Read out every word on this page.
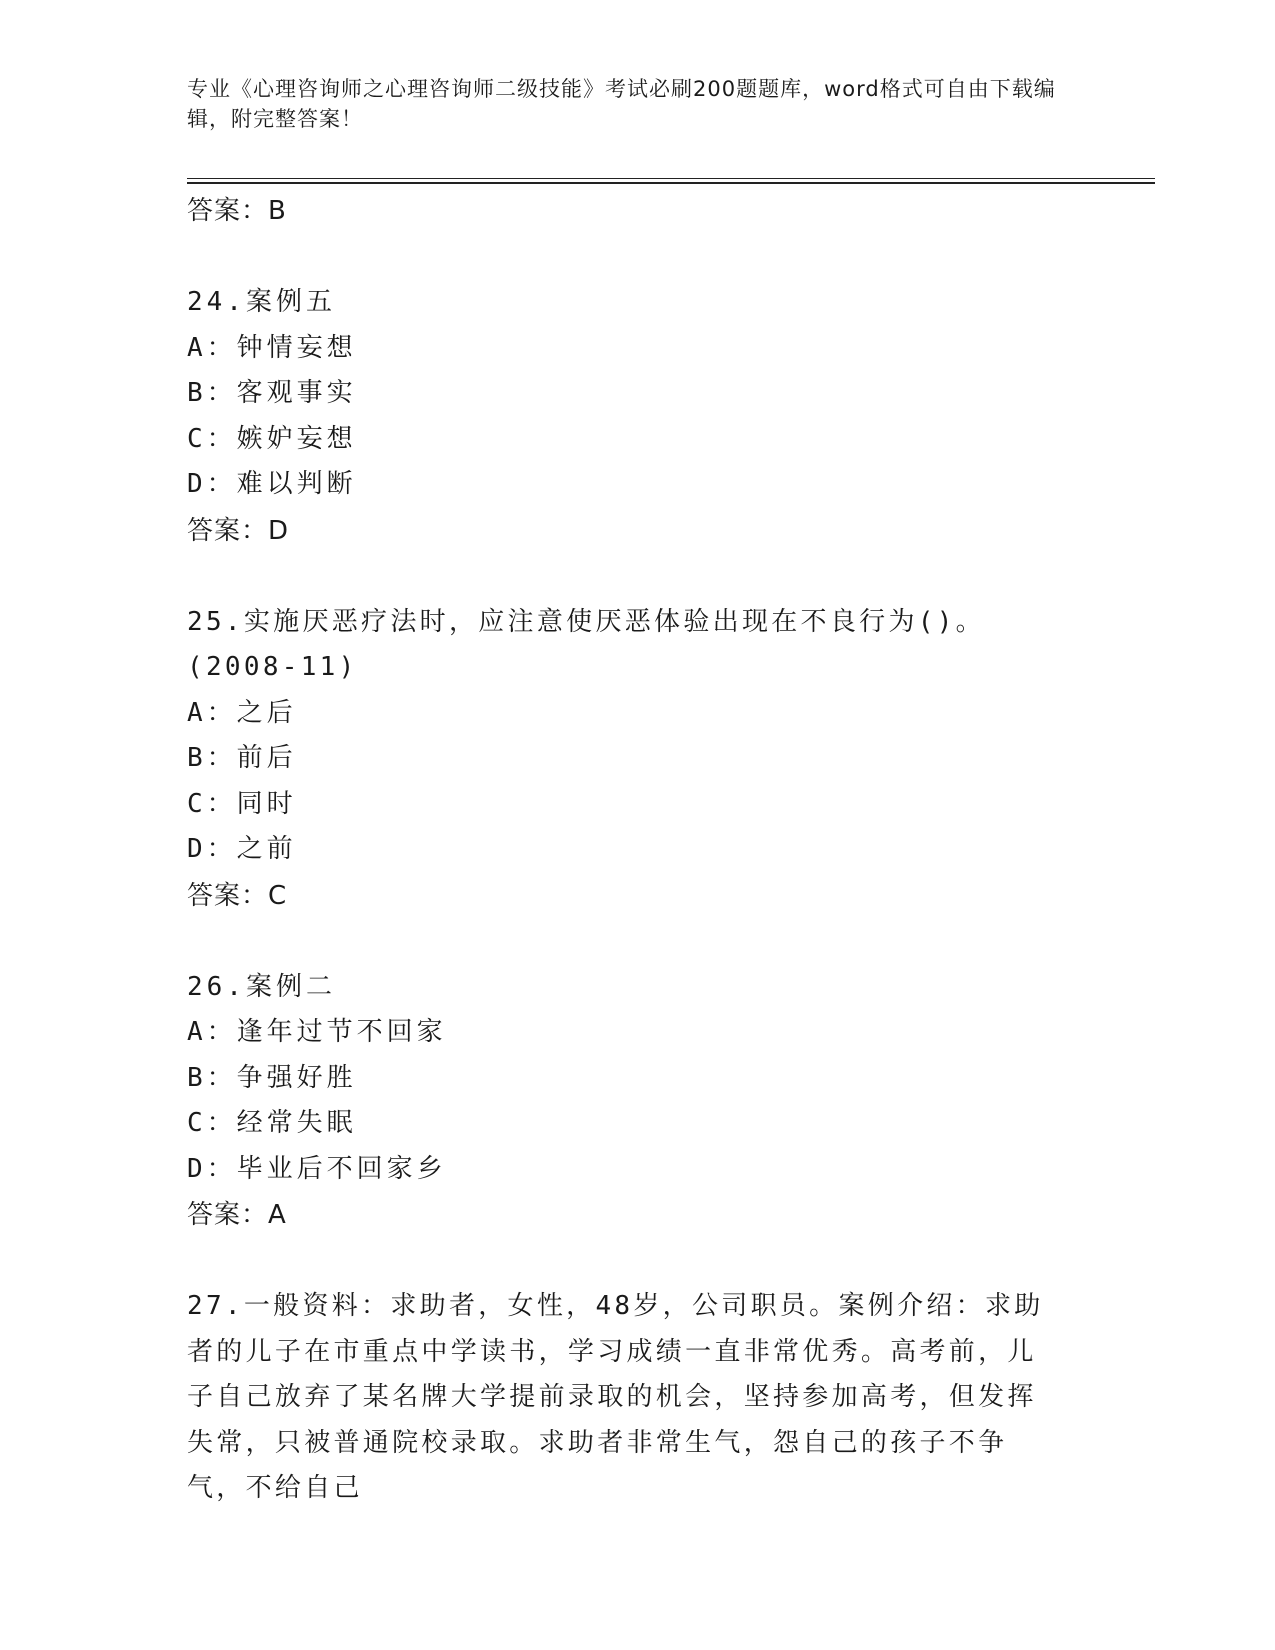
专业《心理咨询师之心理咨询师二级技能》考试必刷200题题库，word格式可自由下载编辑，附完整答案！
答案：B
24.案例五
A：钟情妄想
B：客观事实
C：嫉妒妄想
D：难以判断
答案：D
25.实施厌恶疗法时，应注意使厌恶体验出现在不良行为()。(2008-11)
A：之后
B：前后
C：同时
D：之前
答案：C
26.案例二
A：逢年过节不回家
B：争强好胜
C：经常失眠
D：毕业后不回家乡
答案：A
27.一般资料：求助者，女性，48岁，公司职员。案例介绍：求助者的儿子在市重点中学读书，学习成绩一直非常优秀。高考前，儿子自己放弃了某名牌大学提前录取的机会，坚持参加高考，但发挥失常，只被普通院校录取。求助者非常生气，怨自己的孩子不争气，不给自己
